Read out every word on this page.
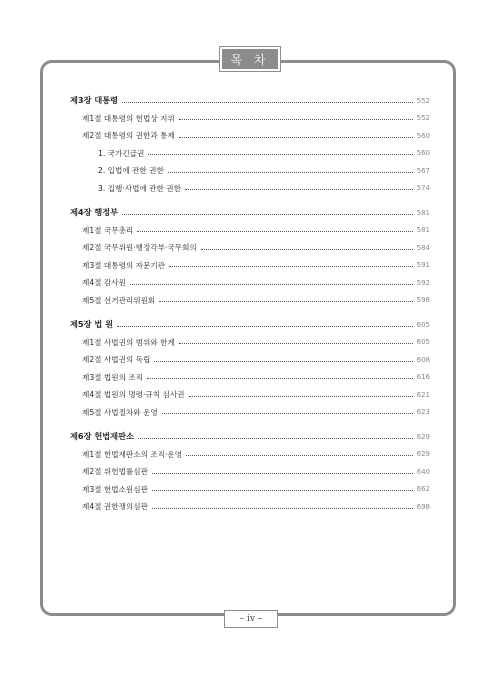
목 차
제3장 대통령	552
제1절 대통령의 헌법상 지위	552
제2절 대통령의 권한과 통제	560
1. 국가긴급권	560
2. 입법에 관한 권한	567
3. 집행·사법에 관한 권한	574
제4장 행정부	581
제1절 국무총리	581
제2절 국무위원·행정각부·국무회의	584
제3절 대통령의 자문기관	591
제4절 감사원	592
제5절 선거관리위원회	598
제5장 법 원	605
제1절 사법권의 범위와 한계	605
제2절 사법권의 독립	608
제3절 법원의 조직	616
제4절 법원의 명령·규칙 심사권	621
제5절 사법절차와 운영	623
제6장 헌법재판소	629
제1절 헌법재판소의 조직·운영	629
제2절 위헌법률심판	640
제3절 헌법소원심판	662
제4절 권한쟁의심판	698
– iv –
